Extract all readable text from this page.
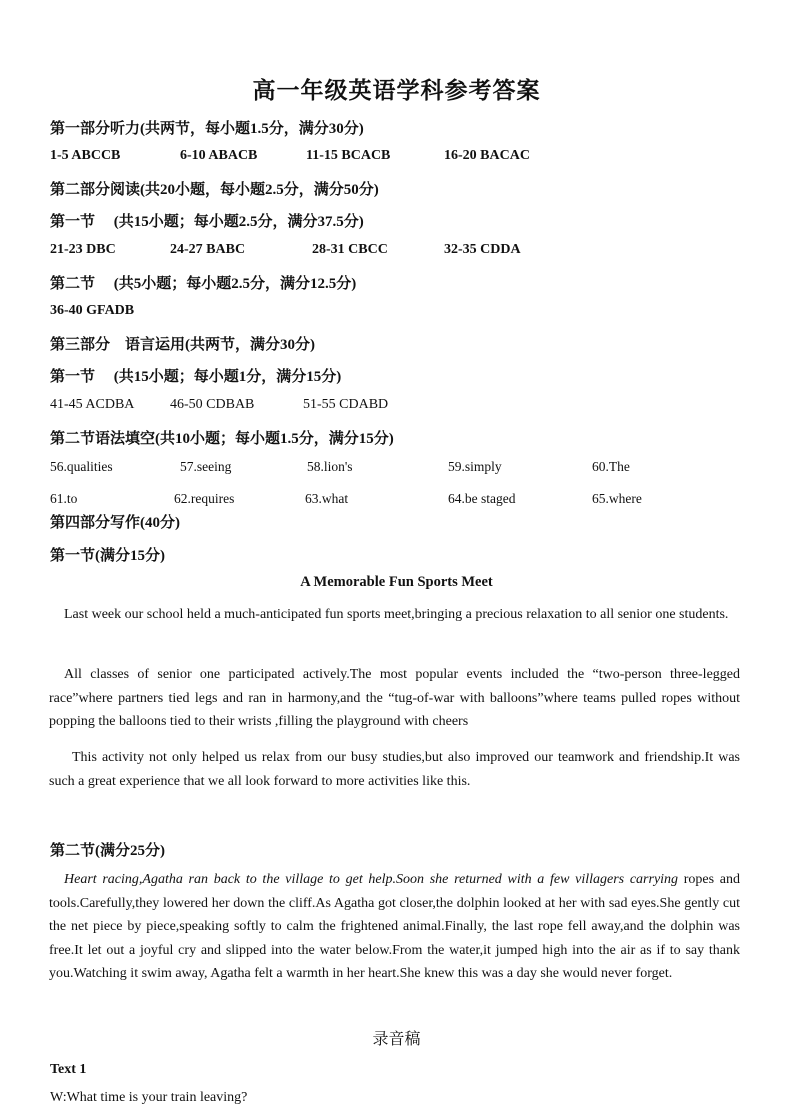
高一年级英语学科参考答案
第一部分听力(共两节，每小题1.5分，满分30分)
1-5 ABCCB	6-10 ABACB	11-15 BCACB	16-20 BACAC
第二部分阅读(共20小题，每小题2.5分，满分50分)
第一节　 (共15小题；每小题2.5分，满分37.5分)
21-23 DBC	24-27 BABC	28-31 CBCC	32-35 CDDA
第二节　 (共5小题；每小题2.5分，满分12.5分)
36-40 GFADB
第三部分　语言运用(共两节，满分30分)
第一节　 (共15小题；每小题1分，满分15分)
41-45 ACDBA	46-50 CDBAB	51-55 CDABD
第二节语法填空(共10小题；每小题1.5分，满分15分)
56.qualities	57.seeing	58.lion's	59.simply	60.The
61.to	62.requires	63.what	64.be staged	65.where
第四部分写作(40分)
第一节(满分15分)
A Memorable Fun Sports Meet
Last week our school held a much-anticipated fun sports meet,bringing a precious relaxation to all senior one students.
All classes of senior one participated actively.The most popular events included the “two-person three-legged race”where partners tied legs and ran in harmony,and the “tug-of-war with balloons”where teams pulled ropes without popping the balloons tied to their wrists ,filling the playground with cheers
This activity not only helped us relax from our busy studies,but also improved our teamwork and friendship.It was such a great experience that we all look forward to more activities like this.
第二节(满分25分)
Heart racing,Agatha ran back to the village to get help.Soon she returned with a few villagers carrying ropes and tools.Carefully,they lowered her down the cliff.As Agatha got closer,the dolphin looked at her with sad eyes.She gently cut the net piece by piece,speaking softly to calm the frightened animal.Finally, the last rope fell away,and the dolphin was free.It let out a joyful cry and slipped into the water below.From the water,it jumped high into the air as if to say thank you.Watching it swim away, Agatha felt a warmth in her heart.She knew this was a day she would never forget.
录音稿
Text 1
W:What time is your train leaving?
